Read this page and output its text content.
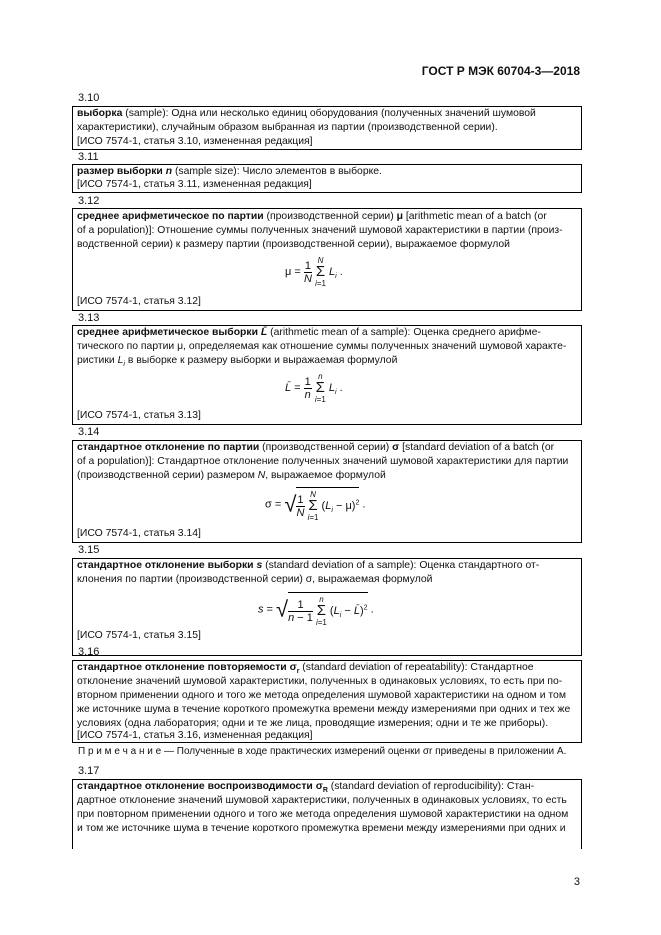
ГОСТ Р МЭК 60704-3—2018
3.10
выборка (sample): Одна или несколько единиц оборудования (полученных значений шумовой
характеристики), случайным образом выбранная из партии (производственной серии).
[ИСО 7574-1, статья 3.10, измененная редакция]
3.11
размер выборки n (sample size): Число элементов в выборке.
[ИСО 7574-1, статья 3.11, измененная редакция]
3.12
среднее арифметическое по партии (производственной серии) μ [arithmetic mean of a batch (or
of a population)]: Отношение суммы полученных значений шумовой характеристики в партии (произ-
водственной серии) к размеру партии (производственной серии), выражаемое формулой
$\mu = \frac{1}{N}$ N
Σ
i=1 $L_i$ .
[ИСО 7574-1, статья 3.12]
3.13
среднее арифметическое выборки L̄ (arithmetic mean of a sample): Оценка среднего арифме-
тического по партии μ, определяемая как отношение суммы полученных значений шумовой характе-
ристики $L_i$ в выборке к размеру выборки и выражаемая формулой
L̄ = $\frac{1}{n}$ n
Σ
i=1 $L_i$ .
[ИСО 7574-1, статья 3.13]
3.14
стандартное отклонение по партии (производственной серии) σ [standard deviation of a batch (or
of a population)]: Стандартное отклонение полученных значений шумовой характеристики для партии
(производственной серии) размером N, выражаемое формулой
σ = √ $\frac{1}{N}$ N
Σ
i=1 $(L_i - \mu)^2$ .
[ИСО 7574-1, статья 3.14]
3.15
стандартное отклонение выборки s (standard deviation of a sample): Оценка стандартного от-
клонения по партии (производственной серии) σ, выражаемая формулой
s = √ $\frac{1}{n - 1}$ n
Σ
i=1 ($L_i$ − L̄)$^2$ .
[ИСО 7574-1, статья 3.15]
3.16
стандартное отклонение повторяемости $\sigma_r$ (standard deviation of repeatability): Стандартное
отклонение значений шумовой характеристики, полученных в одинаковых условиях, то есть при по-
вторном применении одного и того же метода определения шумовой характеристики на одном и том
же источнике шума в течение короткого промежутка времени между измерениями при одних и тех же
условиях (одна лаборатория; одни и те же лица, проводящие измерения; одни и те же приборы).
[ИСО 7574-1, статья 3.16, измененная редакция]
П р и м е ч а н и е — Полученные в ходе практических измерений оценки σr приведены в приложении А.
3.17
стандартное отклонение воспроизводимости $\sigma_R$ (standard deviation of reproducibility): Стан-
дартное отклонение значений шумовой характеристики, полученных в одинаковых условиях, то есть
при повторном применении одного и того же метода определения шумовой характеристики на одном
и том же источнике шума в течение короткого промежутка времени между измерениями при одних и
3
